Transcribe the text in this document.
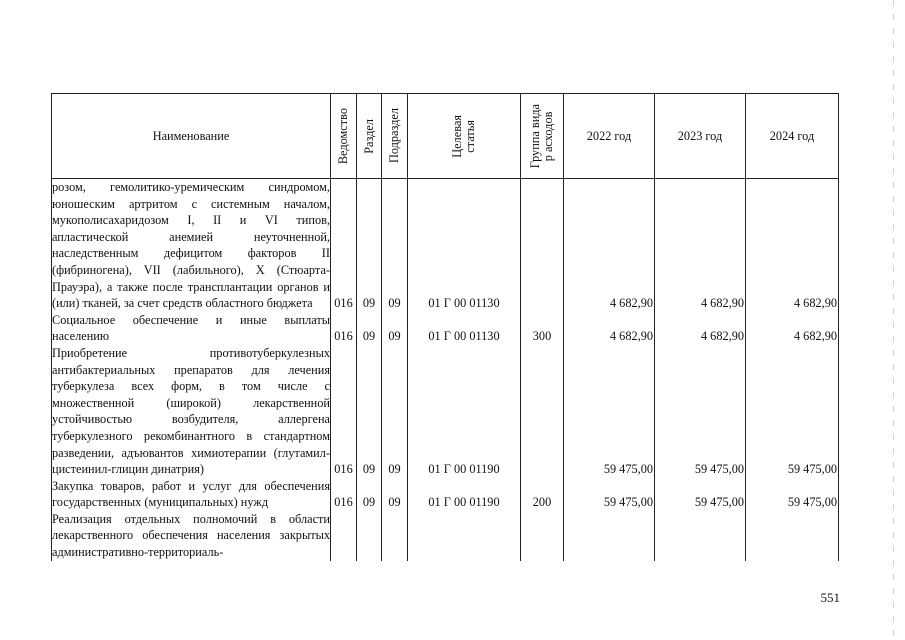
Наименование	Ведомство	Раздел	Подраздел	Целевая
статья	Группа вида
р асходов	2022 год	2023 год	2024 год
розом, гемолитико-уремическим синдромом, юношеским артритом с системным началом, мукополисахаридозом I, II и VI типов, апластической анемией неуточненной, наследственным дефицитом факторов II (фибриногена), VII (лабильного), X (Стюарта-Прауэра), а также после трансплантации органов и (или) тканей, за счет средств областного бюджета	016	09	09	01 Г 00 01130		4 682,90	4 682,90	4 682,90
Социальное обеспечение и иные выплаты населению	016	09	09	01 Г 00 01130	300	4 682,90	4 682,90	4 682,90
Приобретение противотуберкулезных антибактериальных препаратов для лечения туберкулеза всех форм, в том числе с множественной (широкой) лекарственной устойчивостью возбудителя, аллергена туберкулезного рекомбинантного в стандартном разведении, адъювантов химиотерапии (глутамил-цистеинил-глицин динатрия)	016	09	09	01 Г 00 01190		59 475,00	59 475,00	59 475,00
Закупка товаров, работ и услуг для обеспечения государственных (муниципальных) нужд	016	09	09	01 Г 00 01190	200	59 475,00	59 475,00	59 475,00
Реализация отдельных полномочий в области лекарственного обеспечения населения закрытых административно-территориаль-								
551
